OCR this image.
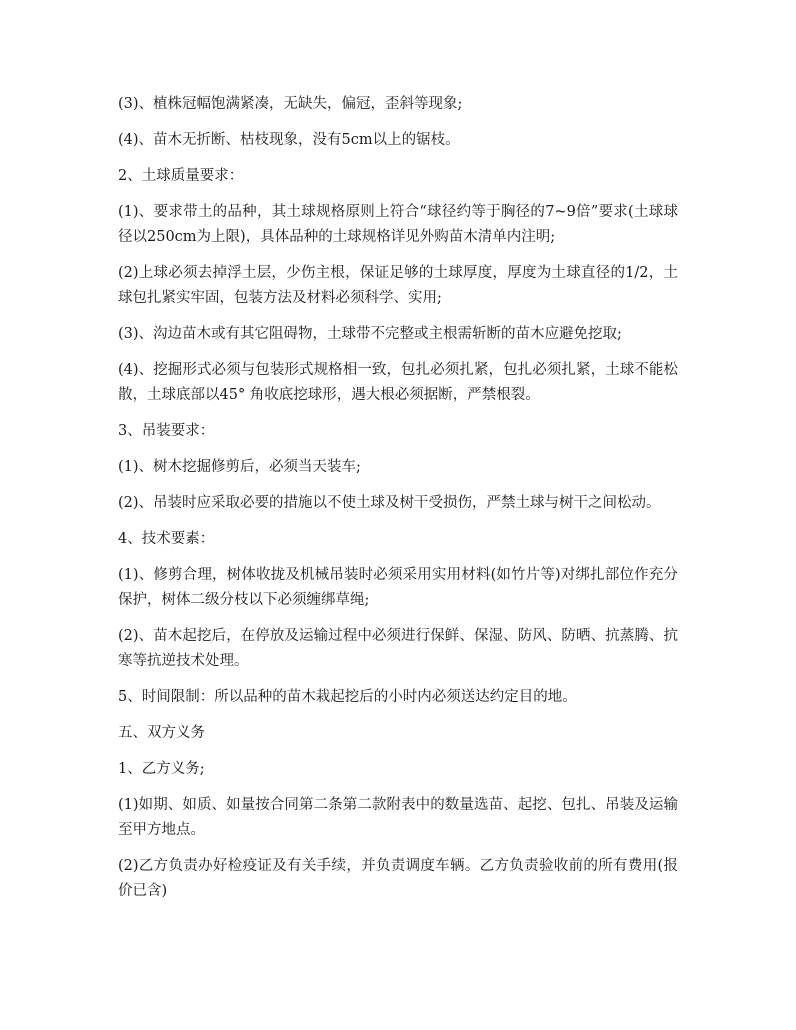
(3)、植株冠幅饱满紧凑，无缺失，偏冠，歪斜等现象;

(4)、苗木无折断、枯枝现象，没有5cm以上的锯枝。

2、土球质量要求：

(1)、要求带土的品种，其土球规格原则上符合“球径约等于胸径的7~9倍”要求(土球球径以250cm为上限)，具体品种的土球规格详见外购苗木清单内注明;

(2)上球必须去掉浮土层，少伤主根，保证足够的土球厚度，厚度为土球直径的1/2，土球包扎紧实牢固，包装方法及材料必须科学、实用;

(3)、沟边苗木或有其它阻碍物，土球带不完整或主根需斩断的苗木应避免挖取;

(4)、挖掘形式必须与包装形式规格相一致，包扎必须扎紧，包扎必须扎紧，土球不能松散，土球底部以45° 角收底挖球形，遇大根必须据断，严禁根裂。

3、吊装要求：

(1)、树木挖掘修剪后，必须当天装车;

(2)、吊装时应采取必要的措施以不使土球及树干受损伤，严禁土球与树干之间松动。

4、技术要素：

(1)、修剪合理，树体收拢及机械吊装时必须采用实用材料(如竹片等)对绑扎部位作充分保护，树体二级分枝以下必须缠绑草绳;

(2)、苗木起挖后，在停放及运输过程中必须进行保鲜、保湿、防风、防晒、抗蒸腾、抗寒等抗逆技术处理。

5、时间限制：所以品种的苗木栽起挖后的小时内必须送达约定目的地。

五、双方义务

1、乙方义务;

(1)如期、如质、如量按合同第二条第二款附表中的数量选苗、起挖、包扎、吊装及运输至甲方地点。

(2)乙方负责办好检疫证及有关手续，并负责调度车辆。乙方负责验收前的所有费用(报价已含)
